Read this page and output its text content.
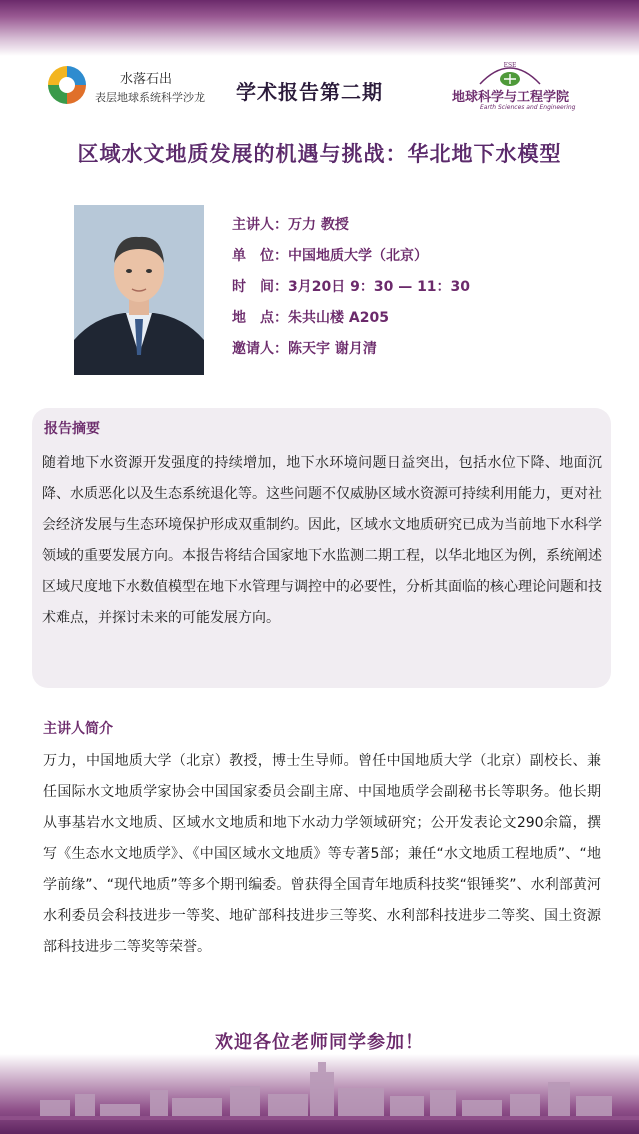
水落石出
表层地球系统科学沙龙 学术报告第二期
ESE
地球科学与工程学院
Earth Sciences and Engineering
区域水文地质发展的机遇与挑战：华北地下水模型
主讲人：万力 教授
单　位：中国地质大学（北京）
时　间：3月20日 9：30 — 11：30
地　点：朱共山楼 A205
邀请人：陈天宇 谢月清
报告摘要
随着地下水资源开发强度的持续增加，地下水环境问题日益突出，包括水位下降、地面沉降、水质恶化以及生态系统退化等。这些问题不仅威胁区域水资源可持续利用能力，更对社会经济发展与生态环境保护形成双重制约。因此，区域水文地质研究已成为当前地下水科学领域的重要发展方向。本报告将结合国家地下水监测二期工程，以华北地区为例，系统阐述区域尺度地下水数值模型在地下水管理与调控中的必要性，分析其面临的核心理论问题和技术难点，并探讨未来的可能发展方向。
主讲人简介
万力，中国地质大学（北京）教授，博士生导师。曾任中国地质大学（北京）副校长、兼任国际水文地质学家协会中国国家委员会副主席、中国地质学会副秘书长等职务。他长期从事基岩水文地质、区域水文地质和地下水动力学领域研究；公开发表论文290余篇，撰写《生态水文地质学》、《中国区域水文地质》等专著5部；兼任“水文地质工程地质”、“地学前缘”、“现代地质”等多个期刊编委。曾获得全国青年地质科技奖“银锤奖”、水利部黄河水利委员会科技进步一等奖、地矿部科技进步三等奖、水利部科技进步二等奖、国土资源部科技进步二等奖等荣誉。
欢迎各位老师同学参加！
